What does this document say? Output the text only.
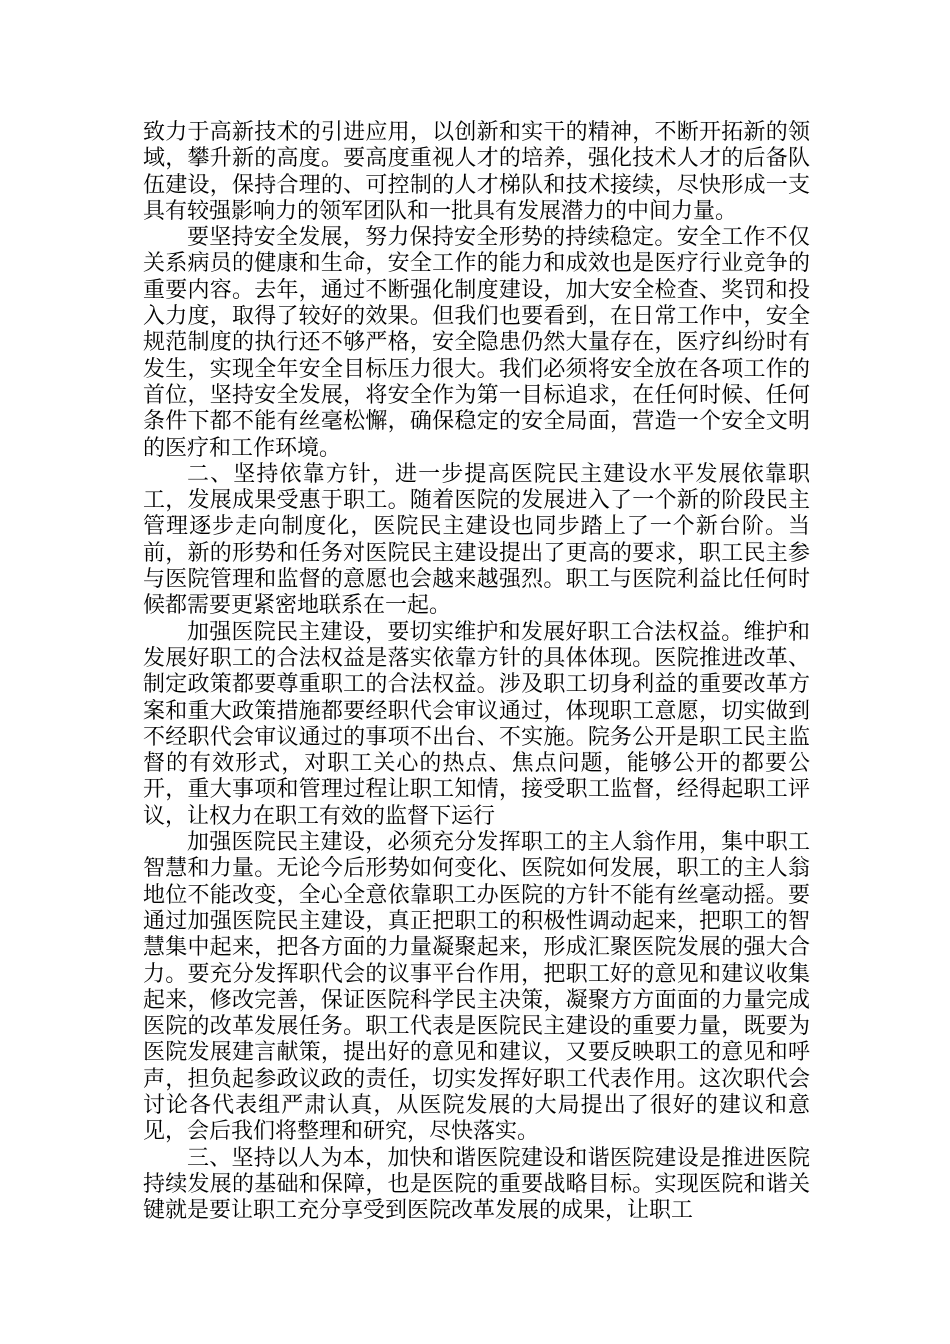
致力于高新技术的引进应用，以创新和实干的精神，不断开拓新的领域，攀升新的高度。要高度重视人才的培养，强化技术人才的后备队伍建设，保持合理的、可控制的人才梯队和技术接续，尽快形成一支具有较强影响力的领军团队和一批具有发展潜力的中间力量。

要坚持安全发展，努力保持安全形势的持续稳定。安全工作不仅关系病员的健康和生命，安全工作的能力和成效也是医疗行业竞争的重要内容。去年，通过不断强化制度建设，加大安全检查、奖罚和投入力度，取得了较好的效果。但我们也要看到，在日常工作中，安全规范制度的执行还不够严格，安全隐患仍然大量存在，医疗纠纷时有发生，实现全年安全目标压力很大。我们必须将安全放在各项工作的首位，坚持安全发展，将安全作为第一目标追求，在任何时候、任何条件下都不能有丝毫松懈，确保稳定的安全局面，营造一个安全文明的医疗和工作环境。

二、坚持依靠方针，进一步提高医院民主建设水平发展依靠职工，发展成果受惠于职工。随着医院的发展进入了一个新的阶段民主管理逐步走向制度化，医院民主建设也同步踏上了一个新台阶。当前，新的形势和任务对医院民主建设提出了更高的要求，职工民主参与医院管理和监督的意愿也会越来越强烈。职工与医院利益比任何时候都需要更紧密地联系在一起。

加强医院民主建设，要切实维护和发展好职工合法权益。维护和发展好职工的合法权益是落实依靠方针的具体体现。医院推进改革、制定政策都要尊重职工的合法权益。涉及职工切身利益的重要改革方案和重大政策措施都要经职代会审议通过，体现职工意愿，切实做到不经职代会审议通过的事项不出台、不实施。院务公开是职工民主监督的有效形式，对职工关心的热点、焦点问题，能够公开的都要公开，重大事项和管理过程让职工知情，接受职工监督，经得起职工评议，让权力在职工有效的监督下运行

加强医院民主建设，必须充分发挥职工的主人翁作用，集中职工智慧和力量。无论今后形势如何变化、医院如何发展，职工的主人翁地位不能改变，全心全意依靠职工办医院的方针不能有丝毫动摇。要通过加强医院民主建设，真正把职工的积极性调动起来，把职工的智慧集中起来，把各方面的力量凝聚起来，形成汇聚医院发展的强大合力。要充分发挥职代会的议事平台作用，把职工好的意见和建议收集起来，修改完善，保证医院科学民主决策，凝聚方方面面的力量完成医院的改革发展任务。职工代表是医院民主建设的重要力量，既要为医院发展建言献策，提出好的意见和建议，又要反映职工的意见和呼声，担负起参政议政的责任，切实发挥好职工代表作用。这次职代会讨论各代表组严肃认真，从医院发展的大局提出了很好的建议和意见，会后我们将整理和研究，尽快落实。

三、坚持以人为本，加快和谐医院建设和谐医院建设是推进医院持续发展的基础和保障，也是医院的重要战略目标。实现医院和谐关键就是要让职工充分享受到医院改革发展的成果，让职工
